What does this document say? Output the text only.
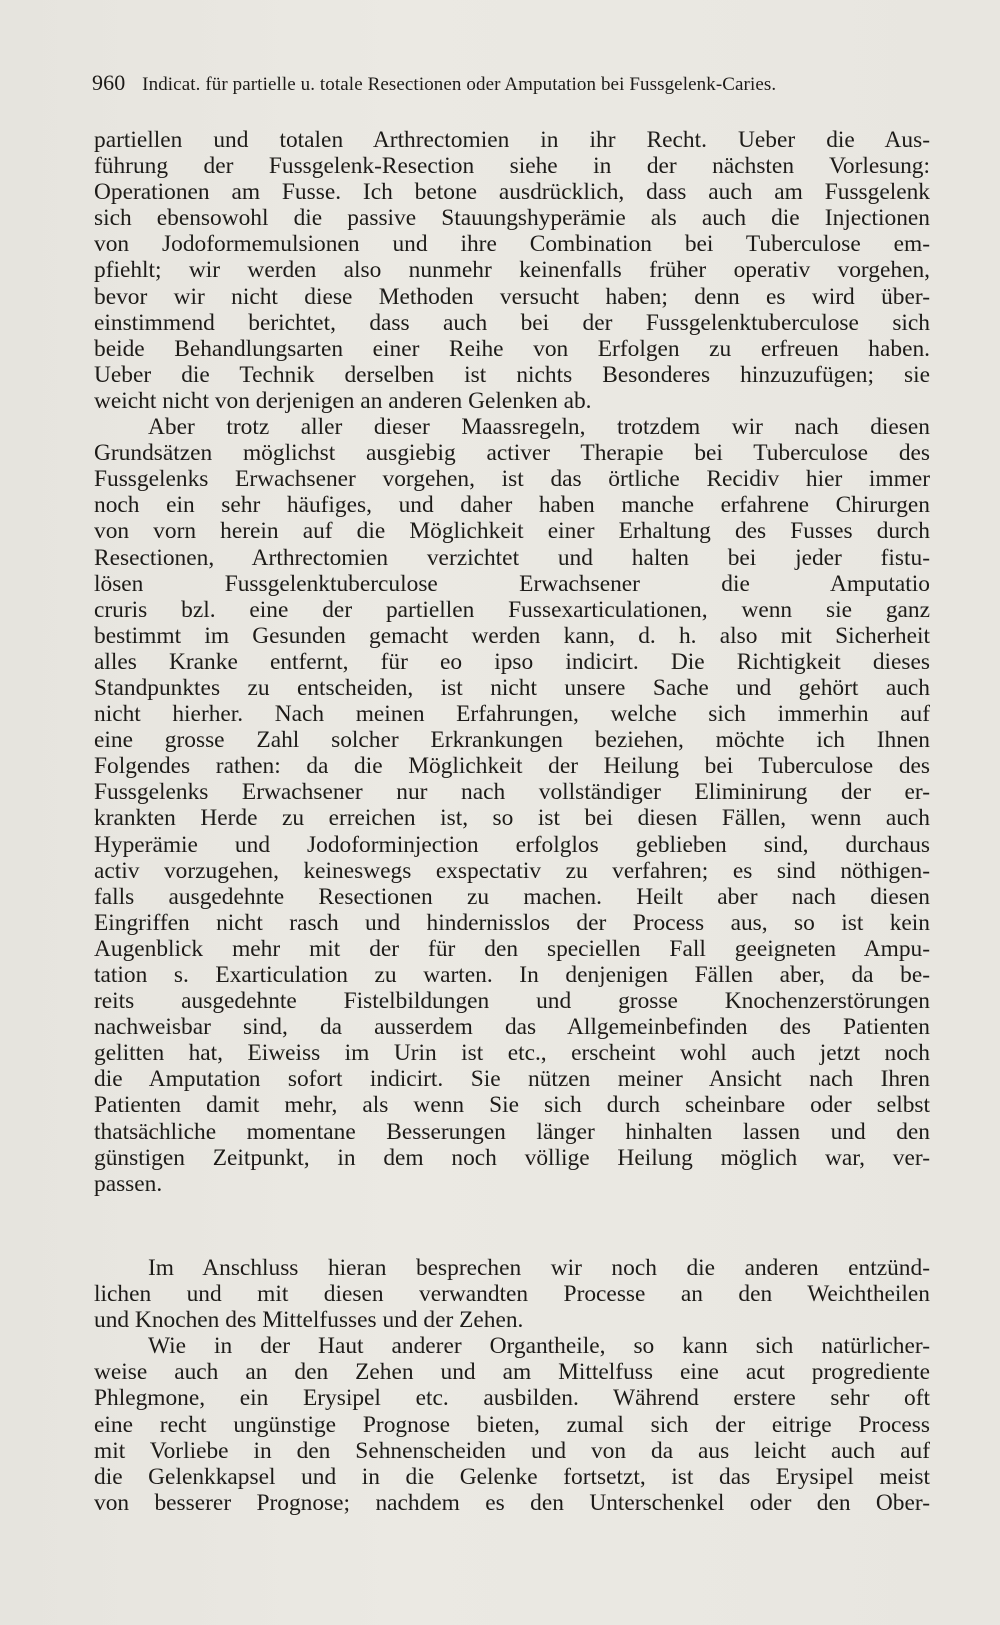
960 Indicat. für partielle u. totale Resectionen oder Amputation bei Fussgelenk-Caries.
partiellen und totalen Arthrectomien in ihr Recht. Ueber die Aus-
führung der Fussgelenk-Resection siehe in der nächsten Vorlesung:
Operationen am Fusse. Ich betone ausdrücklich, dass auch am Fussgelenk
sich ebensowohl die passive Stauungshyperämie als auch die Injectionen
von Jodoformemulsionen und ihre Combination bei Tuberculose em-
pfiehlt; wir werden also nunmehr keinenfalls früher operativ vorgehen,
bevor wir nicht diese Methoden versucht haben; denn es wird über-
einstimmend berichtet, dass auch bei der Fussgelenktuberculose sich
beide Behandlungsarten einer Reihe von Erfolgen zu erfreuen haben.
Ueber die Technik derselben ist nichts Besonderes hinzuzufügen; sie
weicht nicht von derjenigen an anderen Gelenken ab.
Aber trotz aller dieser Maassregeln, trotzdem wir nach diesen
Grundsätzen möglichst ausgiebig activer Therapie bei Tuberculose des
Fussgelenks Erwachsener vorgehen, ist das örtliche Recidiv hier immer
noch ein sehr häufiges, und daher haben manche erfahrene Chirurgen
von vorn herein auf die Möglichkeit einer Erhaltung des Fusses durch
Resectionen, Arthrectomien verzichtet und halten bei jeder fistu-
lösen Fussgelenktuberculose Erwachsener die Amputatio
cruris bzl. eine der partiellen Fussexarticulationen, wenn sie ganz
bestimmt im Gesunden gemacht werden kann, d. h. also mit Sicherheit
alles Kranke entfernt, für eo ipso indicirt. Die Richtigkeit dieses
Standpunktes zu entscheiden, ist nicht unsere Sache und gehört auch
nicht hierher. Nach meinen Erfahrungen, welche sich immerhin auf
eine grosse Zahl solcher Erkrankungen beziehen, möchte ich Ihnen
Folgendes rathen: da die Möglichkeit der Heilung bei Tuberculose des
Fussgelenks Erwachsener nur nach vollständiger Eliminirung der er-
krankten Herde zu erreichen ist, so ist bei diesen Fällen, wenn auch
Hyperämie und Jodoforminjection erfolglos geblieben sind, durchaus
activ vorzugehen, keineswegs exspectativ zu verfahren; es sind nöthigen-
falls ausgedehnte Resectionen zu machen. Heilt aber nach diesen
Eingriffen nicht rasch und hindernisslos der Process aus, so ist kein
Augenblick mehr mit der für den speciellen Fall geeigneten Ampu-
tation s. Exarticulation zu warten. In denjenigen Fällen aber, da be-
reits ausgedehnte Fistelbildungen und grosse Knochenzerstörungen
nachweisbar sind, da ausserdem das Allgemeinbefinden des Patienten
gelitten hat, Eiweiss im Urin ist etc., erscheint wohl auch jetzt noch
die Amputation sofort indicirt. Sie nützen meiner Ansicht nach Ihren
Patienten damit mehr, als wenn Sie sich durch scheinbare oder selbst
thatsächliche momentane Besserungen länger hinhalten lassen und den
günstigen Zeitpunkt, in dem noch völlige Heilung möglich war, ver-
passen.
Im Anschluss hieran besprechen wir noch die anderen entzünd-
lichen und mit diesen verwandten Processe an den Weichtheilen
und Knochen des Mittelfusses und der Zehen.
Wie in der Haut anderer Organtheile, so kann sich natürlicher-
weise auch an den Zehen und am Mittelfuss eine acut progrediente
Phlegmone, ein Erysipel etc. ausbilden. Während erstere sehr oft
eine recht ungünstige Prognose bieten, zumal sich der eitrige Process
mit Vorliebe in den Sehnenscheiden und von da aus leicht auch auf
die Gelenkkapsel und in die Gelenke fortsetzt, ist das Erysipel meist
von besserer Prognose; nachdem es den Unterschenkel oder den Ober-
